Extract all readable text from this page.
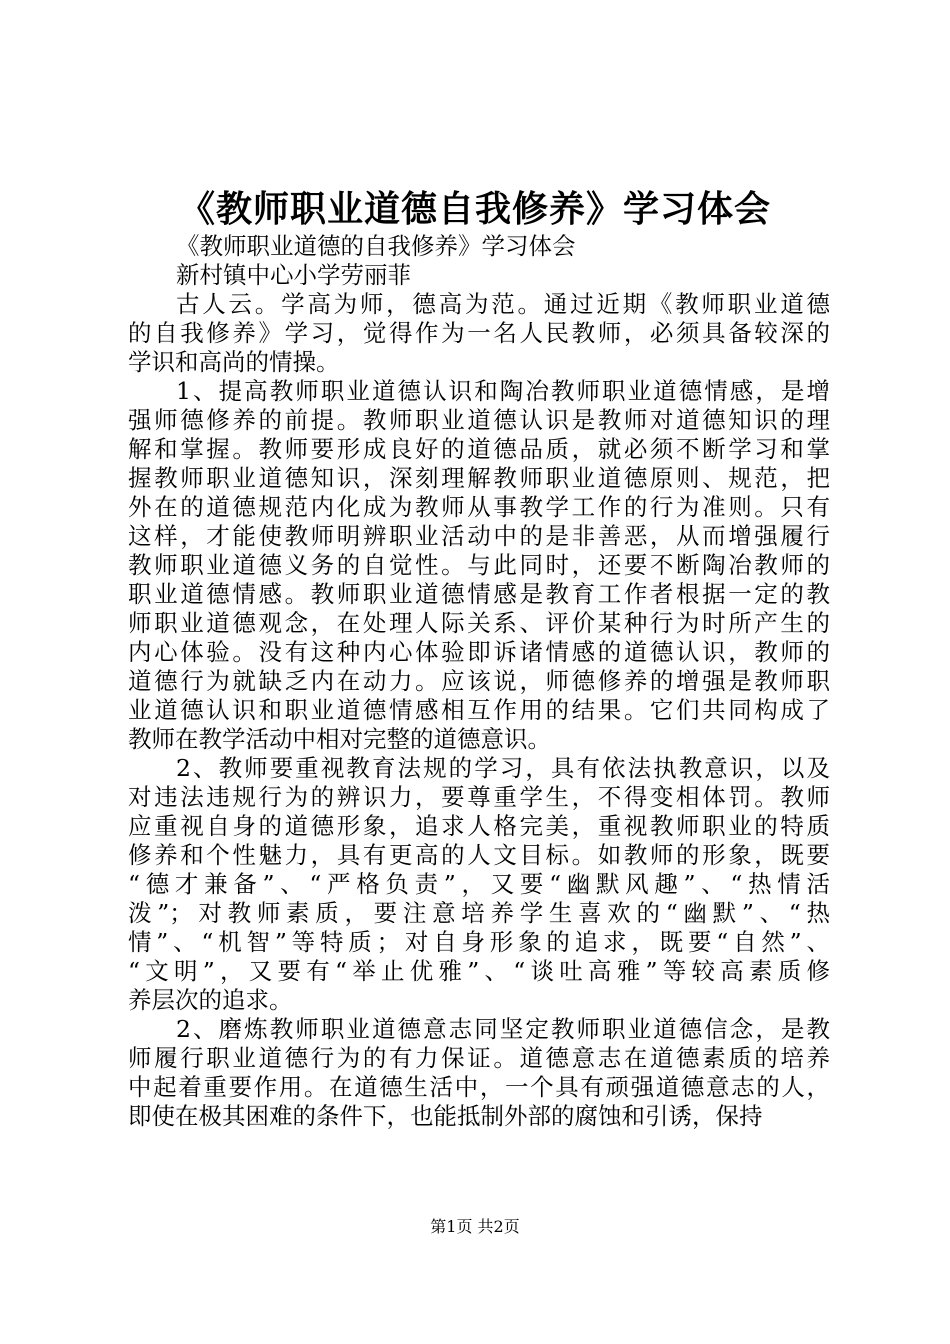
《教师职业道德自我修养》学习体会
《教师职业道德的自我修养》学习体会
新村镇中心小学劳丽菲
古人云。学高为师，德高为范。通过近期《教师职业道德
的自我修养》学习，觉得作为一名人民教师，必须具备较深的
学识和高尚的情操。
1、提高教师职业道德认识和陶冶教师职业道德情感，是增
强师德修养的前提。教师职业道德认识是教师对道德知识的理
解和掌握。教师要形成良好的道德品质，就必须不断学习和掌
握教师职业道德知识，深刻理解教师职业道德原则、规范，把
外在的道德规范内化成为教师从事教学工作的行为准则。只有
这样，才能使教师明辨职业活动中的是非善恶，从而增强履行
教师职业道德义务的自觉性。与此同时，还要不断陶冶教师的
职业道德情感。教师职业道德情感是教育工作者根据一定的教
师职业道德观念，在处理人际关系、评价某种行为时所产生的
内心体验。没有这种内心体验即诉诸情感的道德认识，教师的
道德行为就缺乏内在动力。应该说，师德修养的增强是教师职
业道德认识和职业道德情感相互作用的结果。它们共同构成了
教师在教学活动中相对完整的道德意识。
2、教师要重视教育法规的学习，具有依法执教意识，以及
对违法违规行为的辨识力，要尊重学生，不得变相体罚。教师
应重视自身的道德形象，追求人格完美，重视教师职业的特质
修养和个性魅力，具有更高的人文目标。如教师的形象，既要
“德才兼备”、“严格负责”，又要“幽默风趣”、“热情活
泼”；对教师素质，要注意培养学生喜欢的“幽默”、“热
情”、“机智”等特质；对自身形象的追求，既要“自然”、
“文明”，又要有“举止优雅”、“谈吐高雅”等较高素质修
养层次的追求。
2、磨炼教师职业道德意志同坚定教师职业道德信念，是教
师履行职业道德行为的有力保证。道德意志在道德素质的培养
中起着重要作用。在道德生活中，一个具有顽强道德意志的人，
即使在极其困难的条件下，也能抵制外部的腐蚀和引诱，保持
第1页 共2页
